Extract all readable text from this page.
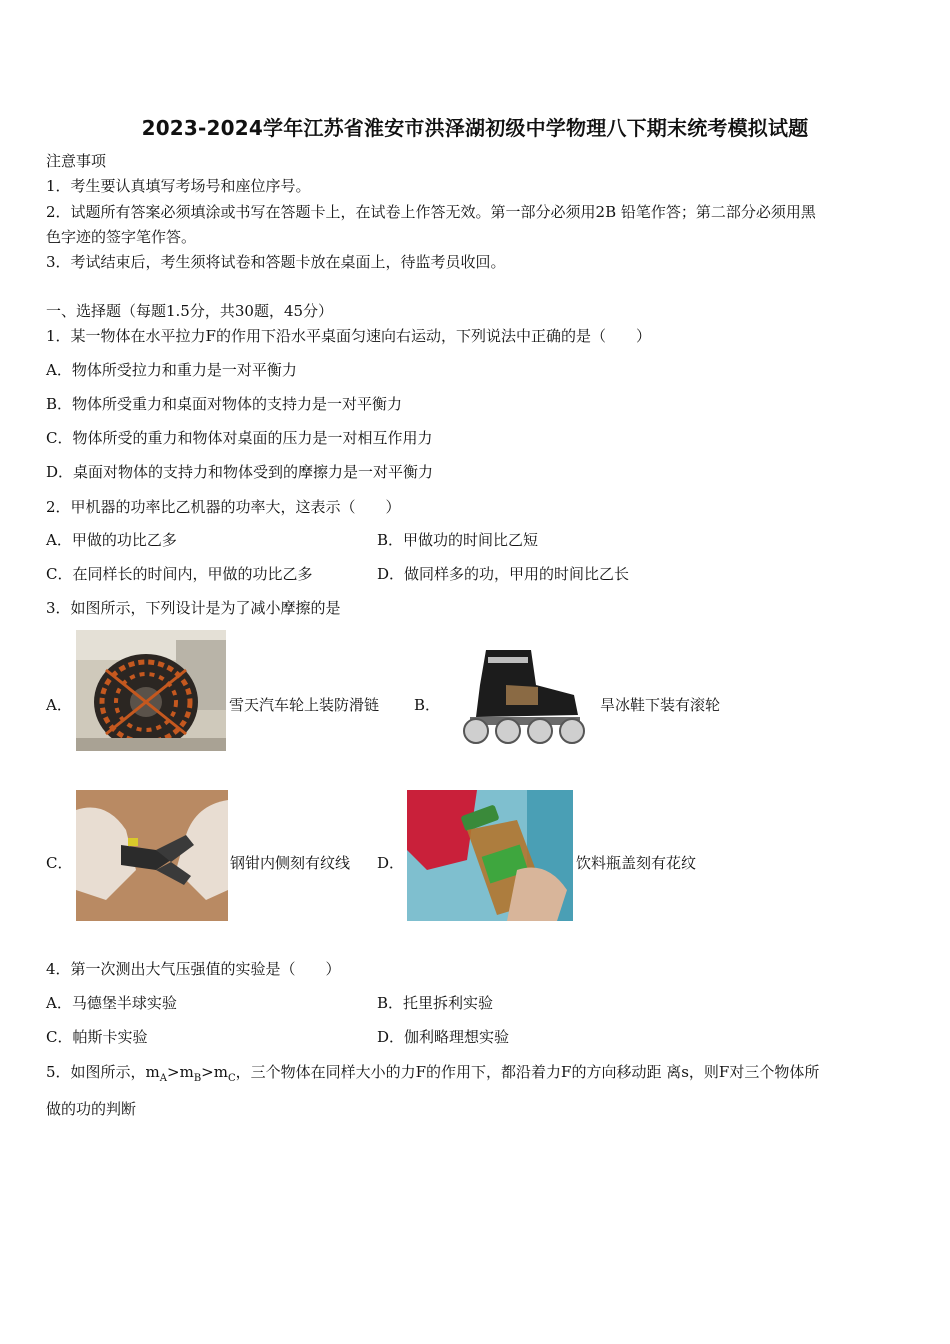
2023-2024学年江苏省淮安市洪泽湖初级中学物理八下期末统考模拟试题
注意事项
1．考生要认真填写考场号和座位序号。
2．试题所有答案必须填涂或书写在答题卡上，在试卷上作答无效。第一部分必须用2B 铅笔作答；第二部分必须用黑
色字迹的签字笔作答。
3．考试结束后，考生须将试卷和答题卡放在桌面上，待监考员收回。
一、选择题（每题1.5分，共30题，45分）
1．某一物体在水平拉力F的作用下沿水平桌面匀速向右运动，下列说法中正确的是（　　）
A．物体所受拉力和重力是一对平衡力
B．物体所受重力和桌面对物体的支持力是一对平衡力
C．物体所受的重力和物体对桌面的压力是一对相互作用力
D．桌面对物体的支持力和物体受到的摩擦力是一对平衡力
2．甲机器的功率比乙机器的功率大，这表示（　　）
A．甲做的功比乙多	B．甲做功的时间比乙短
C．在同样长的时间内，甲做的功比乙多	D．做同样多的功，甲用的时间比乙长
3．如图所示，下列设计是为了减小摩擦的是
A．	雪天汽车轮上装防滑链 B．	旱冰鞋下装有滚轮
C．	钢钳内侧刻有纹线 D．	饮料瓶盖刻有花纹
4．第一次测出大气压强值的实验是（　　）
A．马德堡半球实验	B．托里拆利实验
C．帕斯卡实验	D．伽利略理想实验
5．如图所示，$m_A>m_B>m_C$，三个物体在同样大小的力F的作用下，都沿着力F的方向移动距 离s，则F对三个物体所
做的功的判断
